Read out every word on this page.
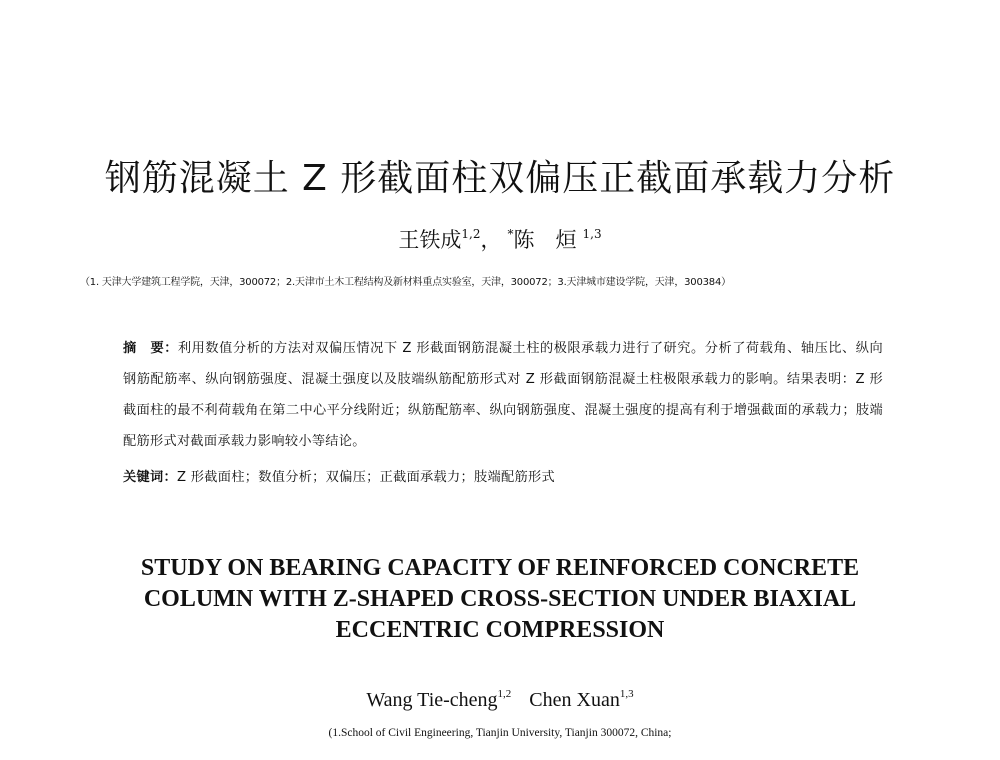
钢筋混凝土 Z 形截面柱双偏压正截面承载力分析
王铁成$^{1,2}$， *陈　烜 $^{1,3}$
（1. 天津大学建筑工程学院，天津，300072；2.天津市土木工程结构及新材料重点实验室，天津，300072；3.天津城市建设学院，天津，300384）
摘　要：利用数值分析的方法对双偏压情况下 Z 形截面钢筋混凝土柱的极限承载力进行了研究。分析了荷载角、轴压比、纵向钢筋配筋率、纵向钢筋强度、混凝土强度以及肢端纵筋配筋形式对 Z 形截面钢筋混凝土柱极限承载力的影响。结果表明：Z 形截面柱的最不利荷载角在第二中心平分线附近；纵筋配筋率、纵向钢筋强度、混凝土强度的提高有利于增强截面的承载力；肢端配筋形式对截面承载力影响较小等结论。
关键词：Z 形截面柱；数值分析；双偏压；正截面承载力；肢端配筋形式
STUDY ON BEARING CAPACITY OF REINFORCED CONCRETE
COLUMN WITH Z-SHAPED CROSS-SECTION UNDER BIAXIAL
ECCENTRIC COMPRESSION
Wang Tie-cheng$^{1,2}$ Chen Xuan$^{1,3}$
(1.School of Civil Engineering, Tianjin University, Tianjin 300072, China;
